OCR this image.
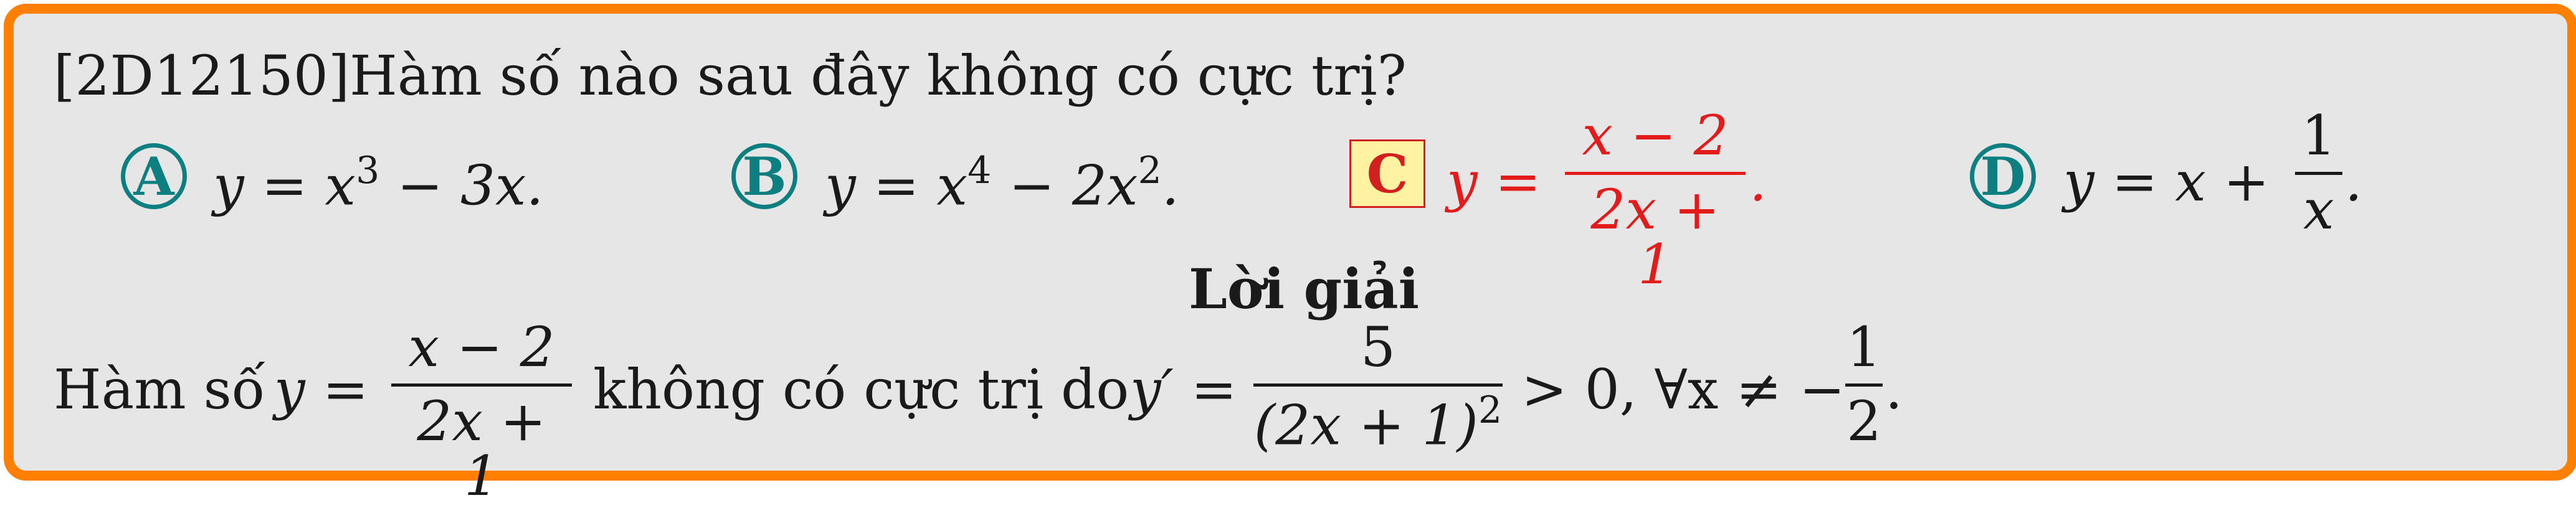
[2D12150]Hàm số nào sau đây không có cực trị?
A $y = x^3 - 3x$.	B $y = x^4 - 2x^2$.	C y =
x − 2
2x + 1
.	D y = x +
1
x .
Lời giải
Hàm số y =
x − 2
2x + 1
không có cực trị do y′ =
5
$(2x + 1)^2 > 0$, ∀x ≠ −
1
2 .
